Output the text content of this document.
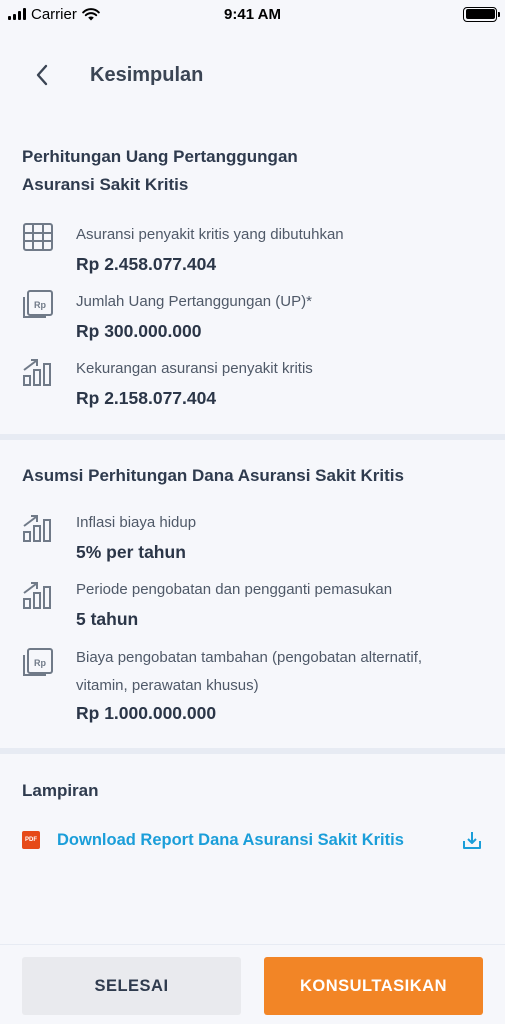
Carrier	9:41 AM
Kesimpulan
Perhitungan Uang Pertanggungan
Asuransi Sakit Kritis
Asuransi penyakit kritis yang dibutuhkan
Rp 2.458.077.404
Rp Jumlah Uang Pertanggungan (UP)*
Rp 300.000.000
Kekurangan asuransi penyakit kritis
Rp 2.158.077.404
Asumsi Perhitungan Dana Asuransi Sakit Kritis
Inflasi biaya hidup
5% per tahun
Periode pengobatan dan pengganti pemasukan
5 tahun
Rp Biaya pengobatan tambahan (pengobatan alternatif,
vitamin, perawatan khusus)
Rp 1.000.000.000
Lampiran
PDF Download Report Dana Asuransi Sakit Kritis
SELESAI	KONSULTASIKAN
